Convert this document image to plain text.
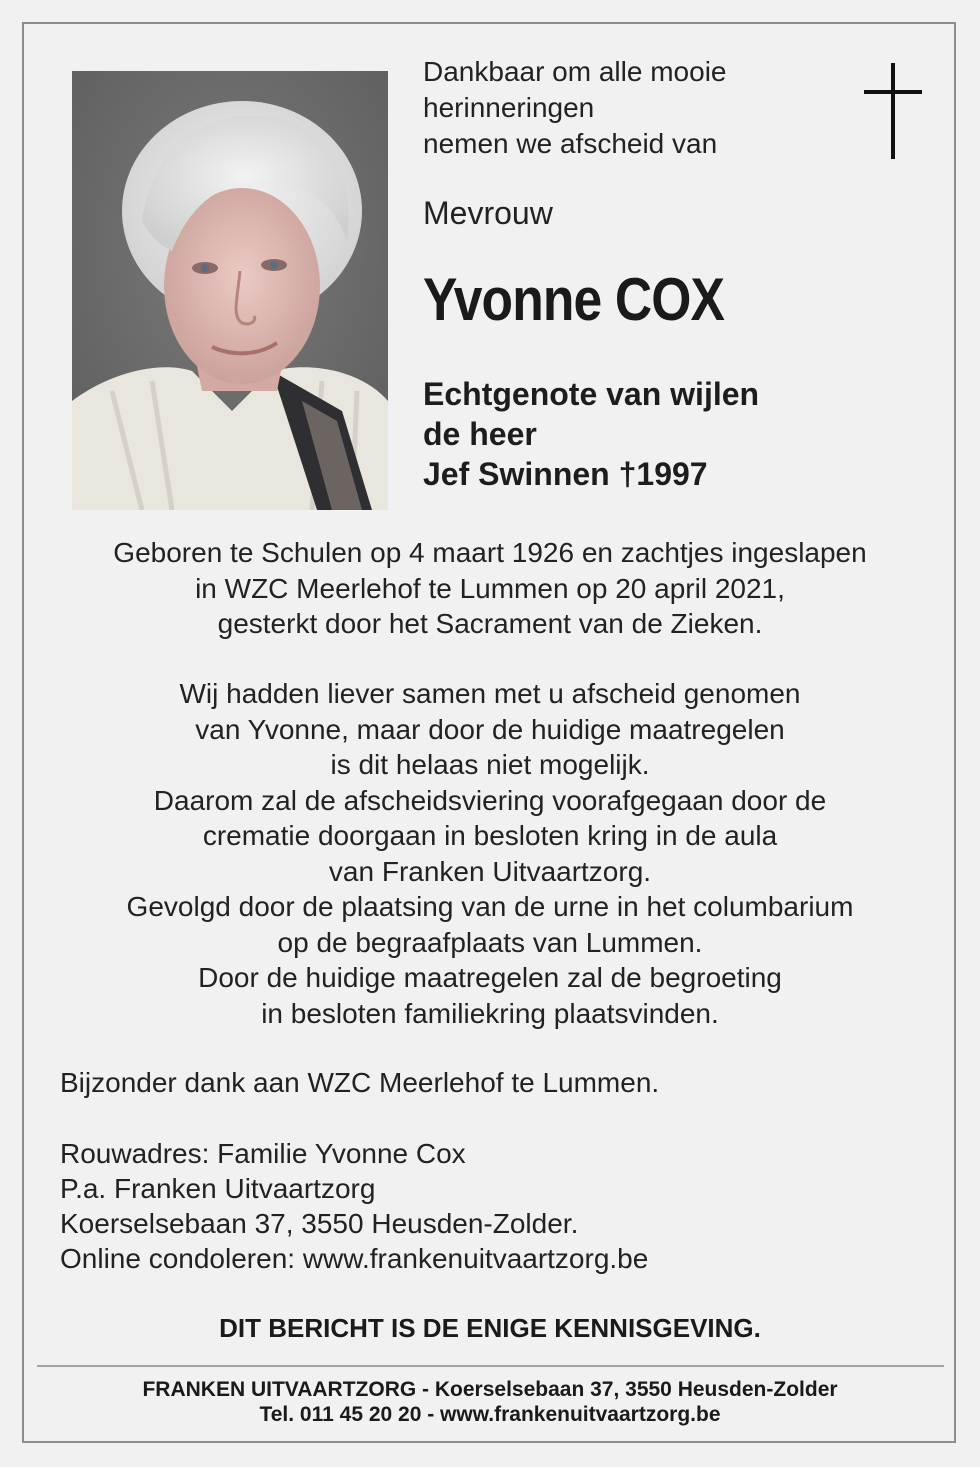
Dankbaar om alle mooie
herinneringen
nemen we afscheid van
Mevrouw
Yvonne COX
Echtgenote van wijlen
de heer
Jef Swinnen †1997
Geboren te Schulen op 4 maart 1926 en zachtjes ingeslapen
in WZC Meerlehof te Lummen op 20 april 2021,
gesterkt door het Sacrament van de Zieken.
Wij hadden liever samen met u afscheid genomen
van Yvonne, maar door de huidige maatregelen
is dit helaas niet mogelijk.
Daarom zal de afscheidsviering voorafgegaan door de
crematie doorgaan in besloten kring in de aula
van Franken Uitvaartzorg.
Gevolgd door de plaatsing van de urne in het columbarium
op de begraafplaats van Lummen.
Door de huidige maatregelen zal de begroeting
in besloten familiekring plaatsvinden.
Bijzonder dank aan WZC Meerlehof te Lummen.
Rouwadres: Familie Yvonne Cox
P.a. Franken Uitvaartzorg
Koerselsebaan 37, 3550 Heusden-Zolder.
Online condoleren: www.frankenuitvaartzorg.be
DIT BERICHT IS DE ENIGE KENNISGEVING.
FRANKEN UITVAARTZORG - Koerselsebaan 37, 3550 Heusden-Zolder
Tel. 011 45 20 20 - www.frankenuitvaartzorg.be
